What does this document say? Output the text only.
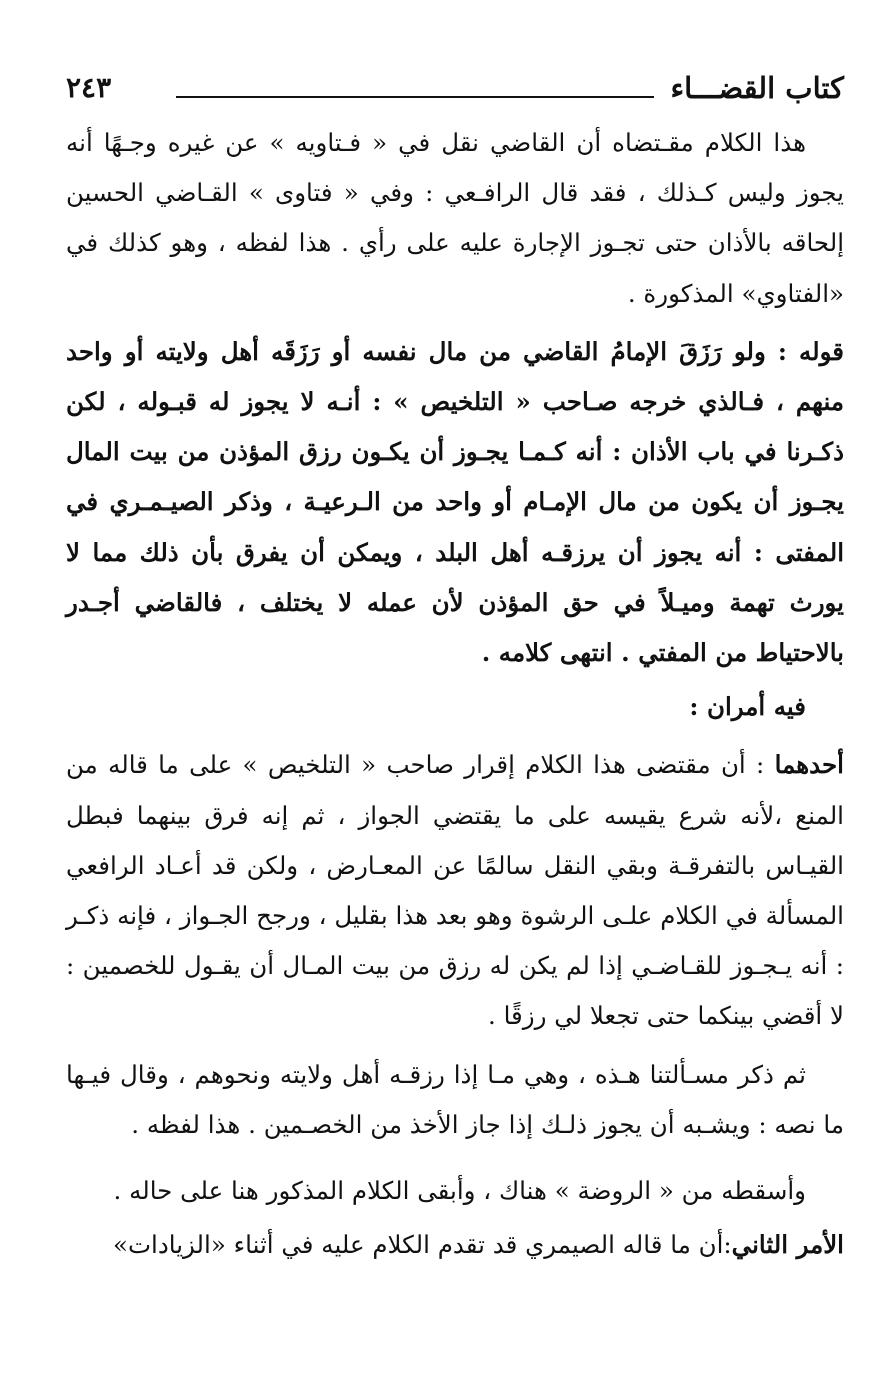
كتاب القضـــاء
٢٤٣

هذا الكلام مقـتضاه أن القاضي نقل في « فـتاويه » عن غيره وجـهًا أنه يجوز وليس كـذلك ، فقد قال الرافـعي : وفي « فتاوى » القـاضي الحسين إلحاقه بالأذان حتى تجـوز الإجارة عليه على رأي . هذا لفظه ، وهو كذلك في «الفتاوي» المذكورة .

قوله : ولو رَزَقَ الإمامُ القاضي من مال نفسه أو رَزَقَه أهل ولايته أو واحد منهم ، فـالذي خرجه صـاحب « التلخيص » : أنـه لا يجوز له قبـوله ، لكن ذكـرنا في باب الأذان : أنه كـمـا يجـوز أن يكـون رزق المؤذن من بيت المال يجـوز أن يكون من مال الإمـام أو واحد من الـرعيـة ، وذكر الصيـمـري في المفتى : أنه يجوز أن يرزقـه أهل البلد ، ويمكن أن يفرق بأن ذلك مما لا يورث تهمة وميـلاً في حق المؤذن لأن عمله لا يختلف ، فالقاضي أجـدر بالاحتياط من المفتي . انتهى كلامه .

فيه أمران :

أحدهما : أن مقتضى هذا الكلام إقرار صاحب « التلخيص » على ما قاله من المنع ،لأنه شرع يقيسه على ما يقتضي الجواز ، ثم إنه فرق بينهما فبطل القيـاس بالتفرقـة وبقي النقل سالمًا عن المعـارض ، ولكن قد أعـاد الرافعي المسألة في الكلام علـى الرشوة وهو بعد هذا بقليل ، ورجح الجـواز ، فإنه ذكـر : أنه يـجـوز للقـاضـي إذا لم يكن له رزق من بيت المـال أن يقـول للخصمين : لا أقضي بينكما حتى تجعلا لي رزقًا .

ثم ذكر مسـألتنا هـذه ، وهي مـا إذا رزقـه أهل ولايته ونحوهم ، وقال فيـها ما نصه : ويشـبه أن يجوز ذلـك إذا جاز الأخذ من الخصـمين . هذا لفظه .

وأسقطه من « الروضة » هناك ، وأبقى الكلام المذكور هنا على حاله .

الأمر الثاني:أن ما قاله الصيمري قد تقدم الكلام عليه في أثناء «الزيادات»
